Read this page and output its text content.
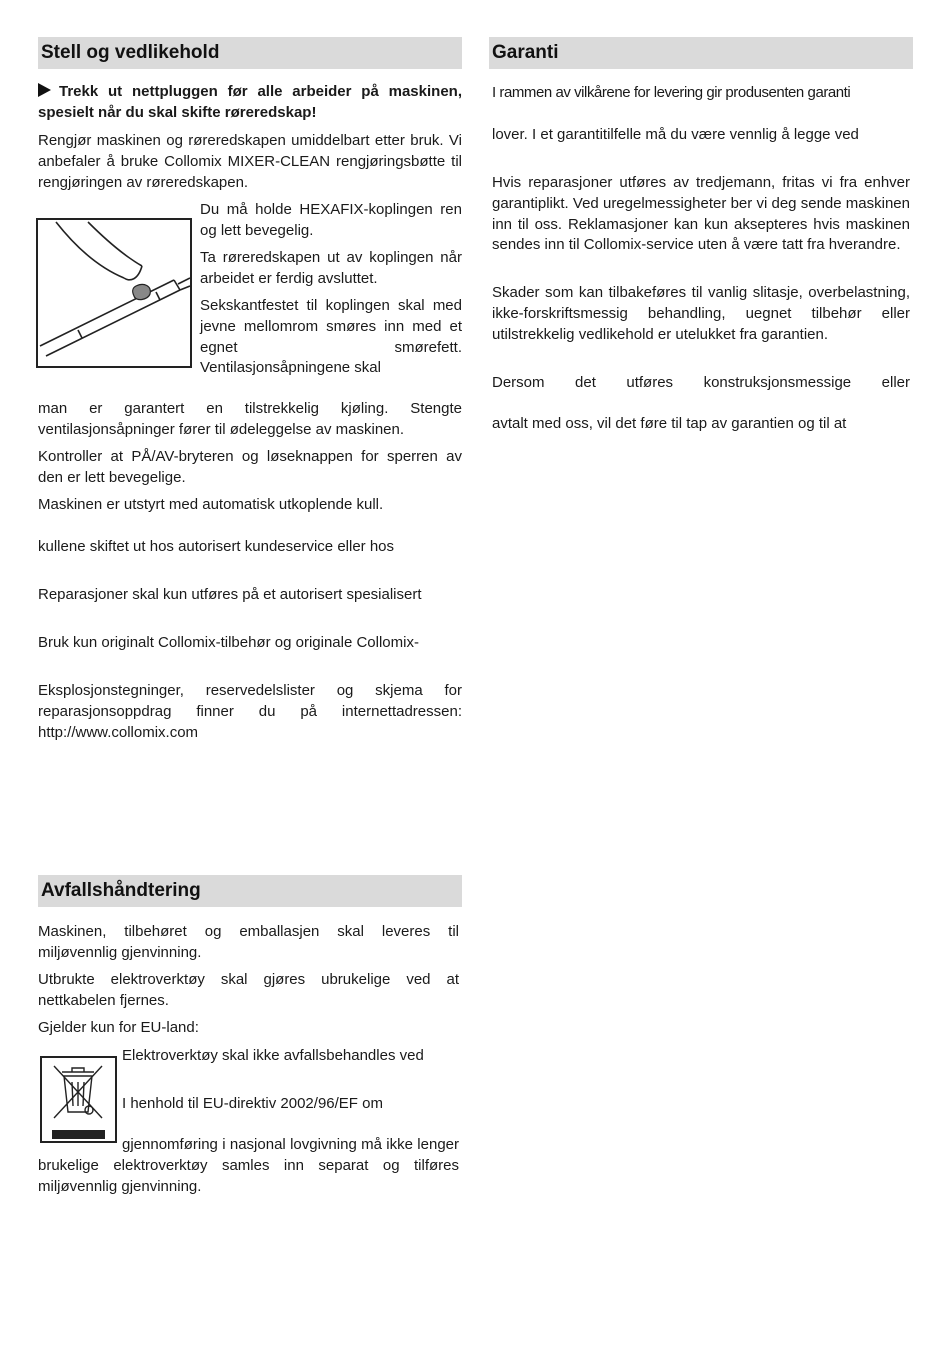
Stell og vedlikehold

Trekk ut nettpluggen før alle arbeider på maskinen, spesielt når du skal skifte røreredskap!

Rengjør maskinen og røreredskapen umiddelbart etter bruk. Vi anbefaler å bruke Collomix MIXER-CLEAN rengjøringsbøtte til rengjøringen av røreredskapen.

Du må holde HEXAFIX-koplingen ren og lett bevegelig.

Ta røreredskapen ut av koplingen når arbeidet er ferdig avsluttet.

Sekskantfestet til koplingen skal med jevne mellomrom smøres inn med et egnet smørefett. Ventilasjonsåpningene skal

man er garantert en tilstrekkelig kjøling. Stengte ventilasjonsåpninger fører til ødeleggelse av maskinen.

Kontroller at PÅ/AV-bryteren og løseknappen for sperren av den er lett bevegelige.

Maskinen er utstyrt med automatisk utkoplende kull.

kullene skiftet ut hos autorisert kundeservice eller hos

Reparasjoner skal kun utføres på et autorisert spesialisert

Bruk kun originalt Collomix-tilbehør og originale Collomix-

Eksplosjonstegninger, reservedelslister og skjema for reparasjonsoppdrag finner du på internettadressen: http://www.collomix.com

Avfallshåndtering

Maskinen, tilbehøret og emballasjen skal leveres til miljøvennlig gjenvinning.

Utbrukte elektroverktøy skal gjøres ubrukelige ved at nettkabelen fjernes.

Gjelder kun for EU-land:

Elektroverktøy skal ikke avfallsbehandles ved

I henhold til EU-direktiv 2002/96/EF om

gjennomføring i nasjonal lovgivning må ikke lenger brukelige elektroverktøy samles inn separat og tilføres miljøvennlig gjenvinning.

Garanti

I rammen av vilkårene for levering gir produsenten garanti

lover. I et garantitilfelle må du være vennlig å legge ved

Hvis reparasjoner utføres av tredjemann, fritas vi fra enhver garantiplikt. Ved uregelmessigheter ber vi deg sende maskinen inn til oss. Reklamasjoner kan kun aksepteres hvis maskinen sendes inn til Collomix-service uten å være tatt fra hverandre.

Skader som kan tilbakeføres til vanlig slitasje, overbelastning, ikke-forskriftsmessig behandling, uegnet tilbehør eller utilstrekkelig vedlikehold er utelukket fra garantien.

Dersom det utføres konstruksjonsmessige eller

avtalt med oss, vil det føre til tap av garantien og til at
